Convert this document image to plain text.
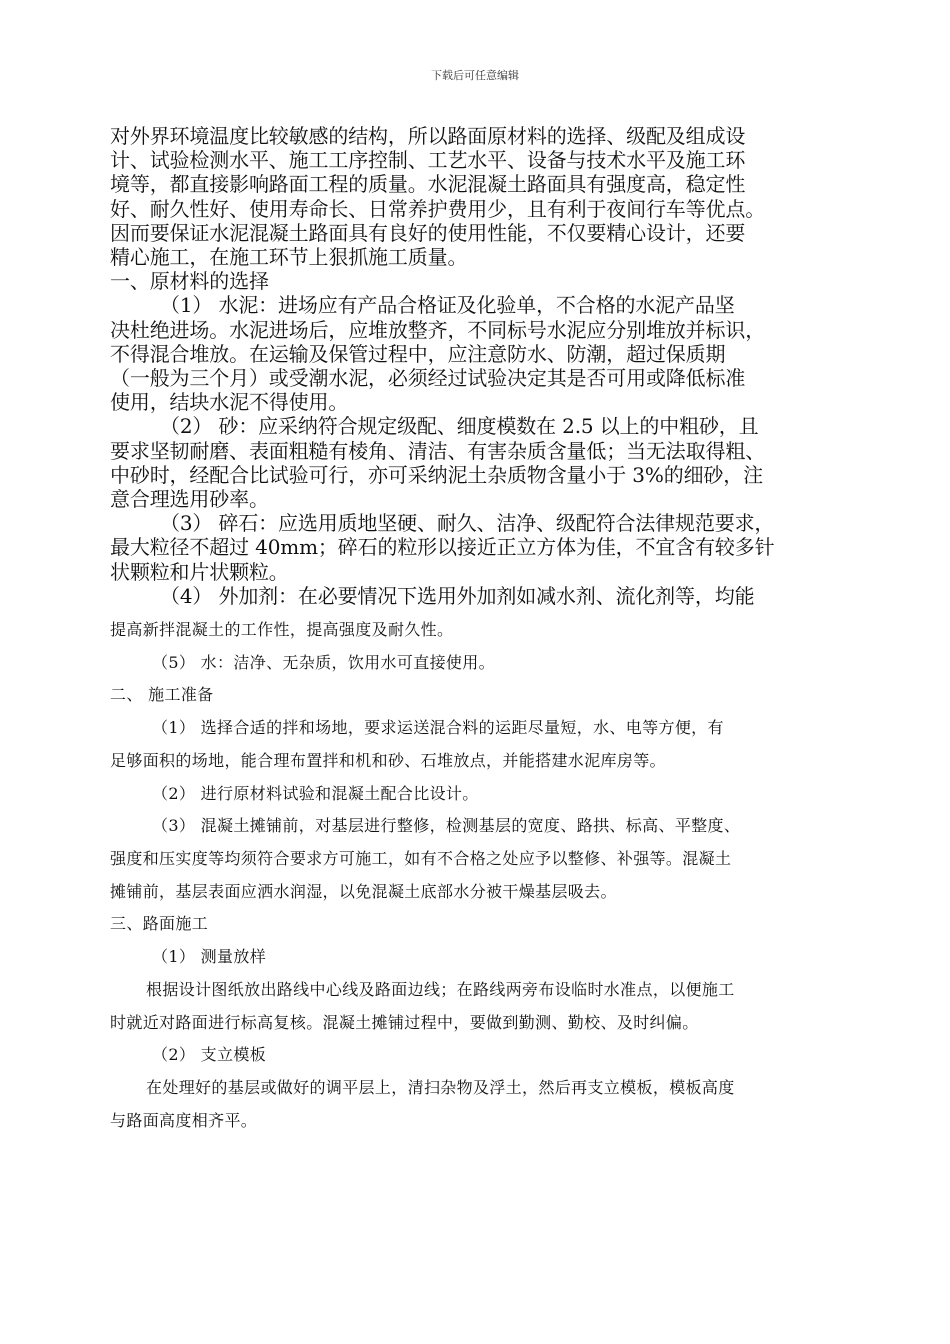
下载后可任意编辑

对外界环境温度比较敏感的结构，所以路面原材料的选择、级配及组成设

计、试验检测水平、施工工序控制、工艺水平、设备与技术水平及施工环

境等，都直接影响路面工程的质量。水泥混凝土路面具有强度高，稳定性

好、耐久性好、使用寿命长、日常养护费用少，且有利于夜间行车等优点。

因而要保证水泥混凝土路面具有良好的使用性能，不仅要精心设计，还要

精心施工，在施工环节上狠抓施工质量。

一、原材料的选择

（1） 水泥：进场应有产品合格证及化验单，不合格的水泥产品坚

决杜绝进场。水泥进场后，应堆放整齐，不同标号水泥应分别堆放并标识，

不得混合堆放。在运输及保管过程中，应注意防水、防潮，超过保质期

（一般为三个月）或受潮水泥，必须经过试验决定其是否可用或降低标准

使用，结块水泥不得使用。

（2） 砂：应采纳符合规定级配、细度模数在 2.5 以上的中粗砂，且

要求坚韧耐磨、表面粗糙有棱角、清洁、有害杂质含量低；当无法取得粗、

中砂时，经配合比试验可行，亦可采纳泥土杂质物含量小于 3%的细砂，注

意合理选用砂率。

（3） 碎石：应选用质地坚硬、耐久、洁净、级配符合法律规范要求，

最大粒径不超过 40mm；碎石的粒形以接近正立方体为佳，不宜含有较多针

状颗粒和片状颗粒。

（4） 外加剂：在必要情况下选用外加剂如减水剂、流化剂等，均能

提高新拌混凝土的工作性，提高强度及耐久性。

（5） 水：洁净、无杂质，饮用水可直接使用。

二、 施工准备

（1） 选择合适的拌和场地，要求运送混合料的运距尽量短，水、电等方便，有

足够面积的场地，能合理布置拌和机和砂、石堆放点，并能搭建水泥库房等。

（2） 进行原材料试验和混凝土配合比设计。

（3） 混凝土摊铺前，对基层进行整修，检测基层的宽度、路拱、标高、平整度、

强度和压实度等均须符合要求方可施工，如有不合格之处应予以整修、补强等。混凝土

摊铺前，基层表面应洒水润湿，以免混凝土底部水分被干燥基层吸去。

三、路面施工

（1） 测量放样

根据设计图纸放出路线中心线及路面边线；在路线两旁布设临时水准点，以便施工

时就近对路面进行标高复核。混凝土摊铺过程中，要做到勤测、勤校、及时纠偏。

（2） 支立模板

在处理好的基层或做好的调平层上，清扫杂物及浮土，然后再支立模板，模板高度

与路面高度相齐平。
